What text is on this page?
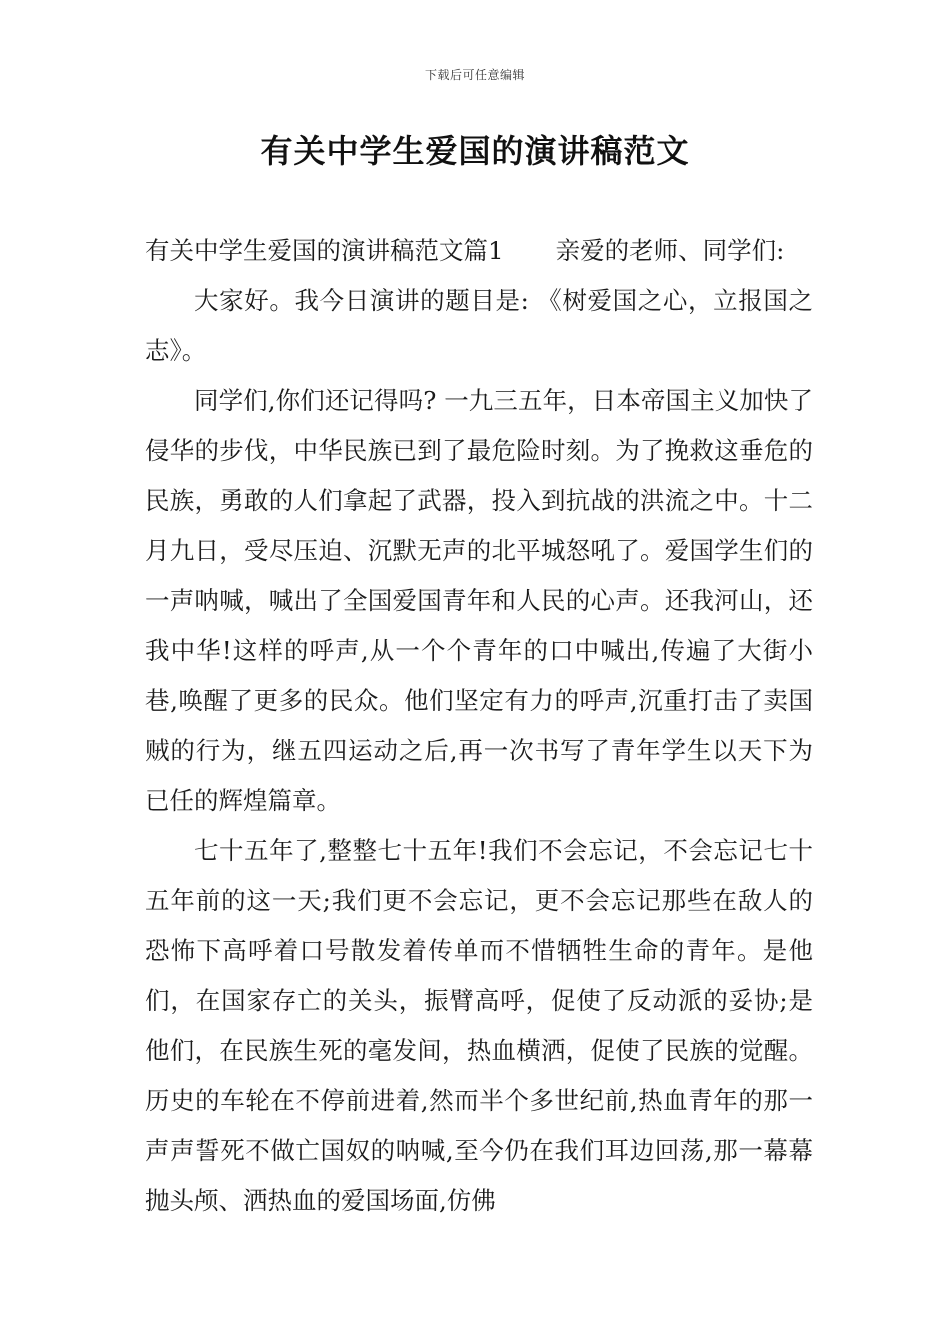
下载后可任意编辑
有关中学生爱国的演讲稿范文

有关中学生爱国的演讲稿范文篇1 亲爱的老师、同学们:

大家好。我今日演讲的题目是: 《树爱国之心，立报国之志》。

同学们,你们还记得吗? 一九三五年，日本帝国主义加快了侵华的步伐，中华民族已到了最危险时刻。为了挽救这垂危的民族，勇敢的人们拿起了武器，投入到抗战的洪流之中。十二月九日，受尽压迫、沉默无声的北平城怒吼了。爱国学生们的一声呐喊，喊出了全国爱国青年和人民的心声。还我河山，还我中华!这样的呼声,从一个个青年的口中喊出,传遍了大街小巷,唤醒了更多的民众。他们坚定有力的呼声,沉重打击了卖国贼的行为，继五四运动之后,再一次书写了青年学生以天下为已任的辉煌篇章。

七十五年了,整整七十五年!我们不会忘记，不会忘记七十五年前的这一天;我们更不会忘记，更不会忘记那些在敌人的恐怖下高呼着口号散发着传单而不惜牺牲生命的青年。是他们，在国家存亡的关头，振臂高呼，促使了反动派的妥协;是他们，在民族生死的毫发间，热血横洒，促使了民族的觉醒。历史的车轮在不停前进着,然而半个多世纪前,热血青年的那一声声誓死不做亡国奴的呐喊,至今仍在我们耳边回荡,那一幕幕抛头颅、洒热血的爱国场面,仿佛
